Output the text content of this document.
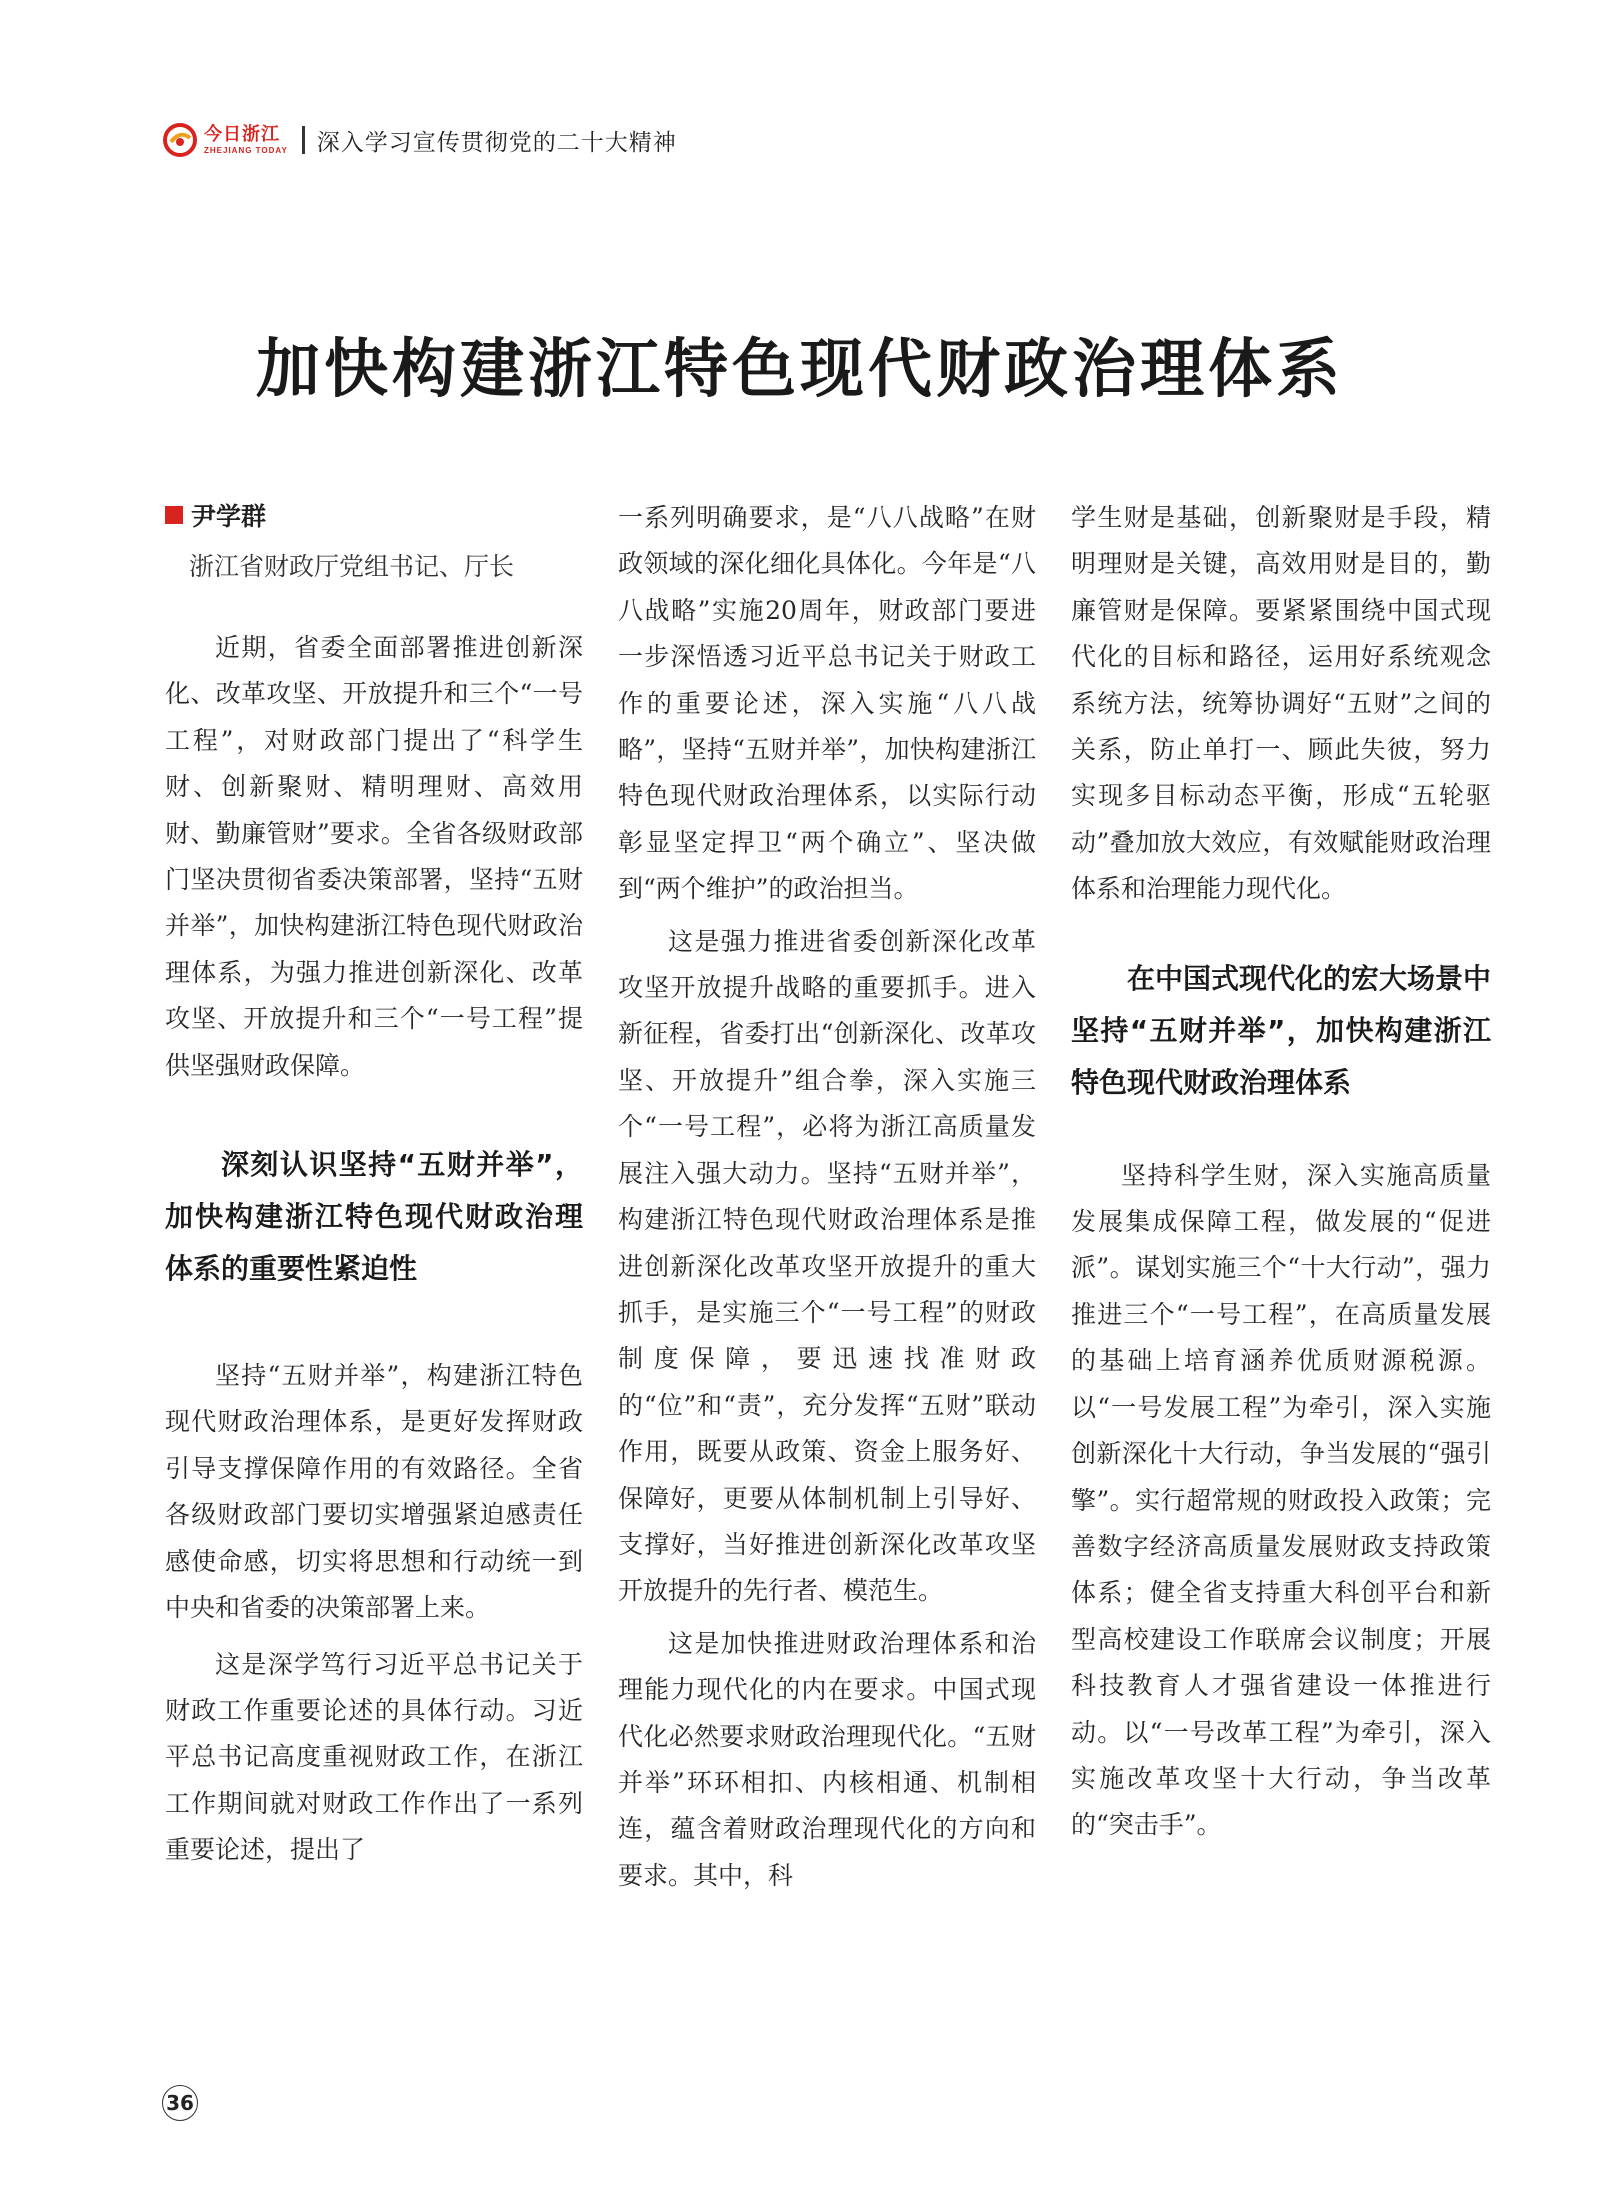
今日浙江
ZHEJIANG TODAY 深入学习宣传贯彻党的二十大精神
加快构建浙江特色现代财政治理体系
尹学群
浙江省财政厅党组书记、厅长

近期，省委全面部署推进创新深化、改革攻坚、开放提升和三个“一号工程”，对财政部门提出了“科学生财、创新聚财、精明理财、高效用财、勤廉管财”要求。全省各级财政部门坚决贯彻省委决策部署，坚持“五财并举”，加快构建浙江特色现代财政治理体系，为强力推进创新深化、改革攻坚、开放提升和三个“一号工程”提供坚强财政保障。

深刻认识坚持“五财并举”，加快构建浙江特色现代财政治理体系的重要性紧迫性

坚持“五财并举”，构建浙江特色现代财政治理体系，是更好发挥财政引导支撑保障作用的有效路径。全省各级财政部门要切实增强紧迫感责任感使命感，切实将思想和行动统一到中央和省委的决策部署上来。

这是深学笃行习近平总书记关于财政工作重要论述的具体行动。习近平总书记高度重视财政工作，在浙江工作期间就对财政工作作出了一系列重要论述，提出了

一系列明确要求，是“八八战略”在财政领域的深化细化具体化。今年是“八八战略”实施20周年，财政部门要进一步深悟透习近平总书记关于财政工作的重要论述，深入实施“八八战略”，坚持“五财并举”，加快构建浙江特色现代财政治理体系，以实际行动彰显坚定捍卫“两个确立”、坚决做到“两个维护”的政治担当。

这是强力推进省委创新深化改革攻坚开放提升战略的重要抓手。进入新征程，省委打出“创新深化、改革攻坚、开放提升”组合拳，深入实施三个“一号工程”，必将为浙江高质量发展注入强大动力。坚持“五财并举”，构建浙江特色现代财政治理体系是推进创新深化改革攻坚开放提升的重大抓手，是实施三个“一号工程”的财政制度保障，要迅速找准财政的“位”和“责”，充分发挥“五财”联动作用，既要从政策、资金上服务好、保障好，更要从体制机制上引导好、支撑好，当好推进创新深化改革攻坚开放提升的先行者、模范生。

这是加快推进财政治理体系和治理能力现代化的内在要求。中国式现代化必然要求财政治理现代化。“五财并举”环环相扣、内核相通、机制相连，蕴含着财政治理现代化的方向和要求。其中，科

学生财是基础，创新聚财是手段，精明理财是关键，高效用财是目的，勤廉管财是保障。要紧紧围绕中国式现代化的目标和路径，运用好系统观念系统方法，统筹协调好“五财”之间的关系，防止单打一、顾此失彼，努力实现多目标动态平衡，形成“五轮驱动”叠加放大效应，有效赋能财政治理体系和治理能力现代化。

在中国式现代化的宏大场景中坚持“五财并举”，加快构建浙江特色现代财政治理体系

坚持科学生财，深入实施高质量发展集成保障工程，做发展的“促进派”。谋划实施三个“十大行动”，强力推进三个“一号工程”，在高质量发展的基础上培育涵养优质财源税源。以“一号发展工程”为牵引，深入实施创新深化十大行动，争当发展的“强引擎”。实行超常规的财政投入政策；完善数字经济高质量发展财政支持政策体系；健全省支持重大科创平台和新型高校建设工作联席会议制度；开展科技教育人才强省建设一体推进行动。以“一号改革工程”为牵引，深入实施改革攻坚十大行动，争当改革的“突击手”。

36
